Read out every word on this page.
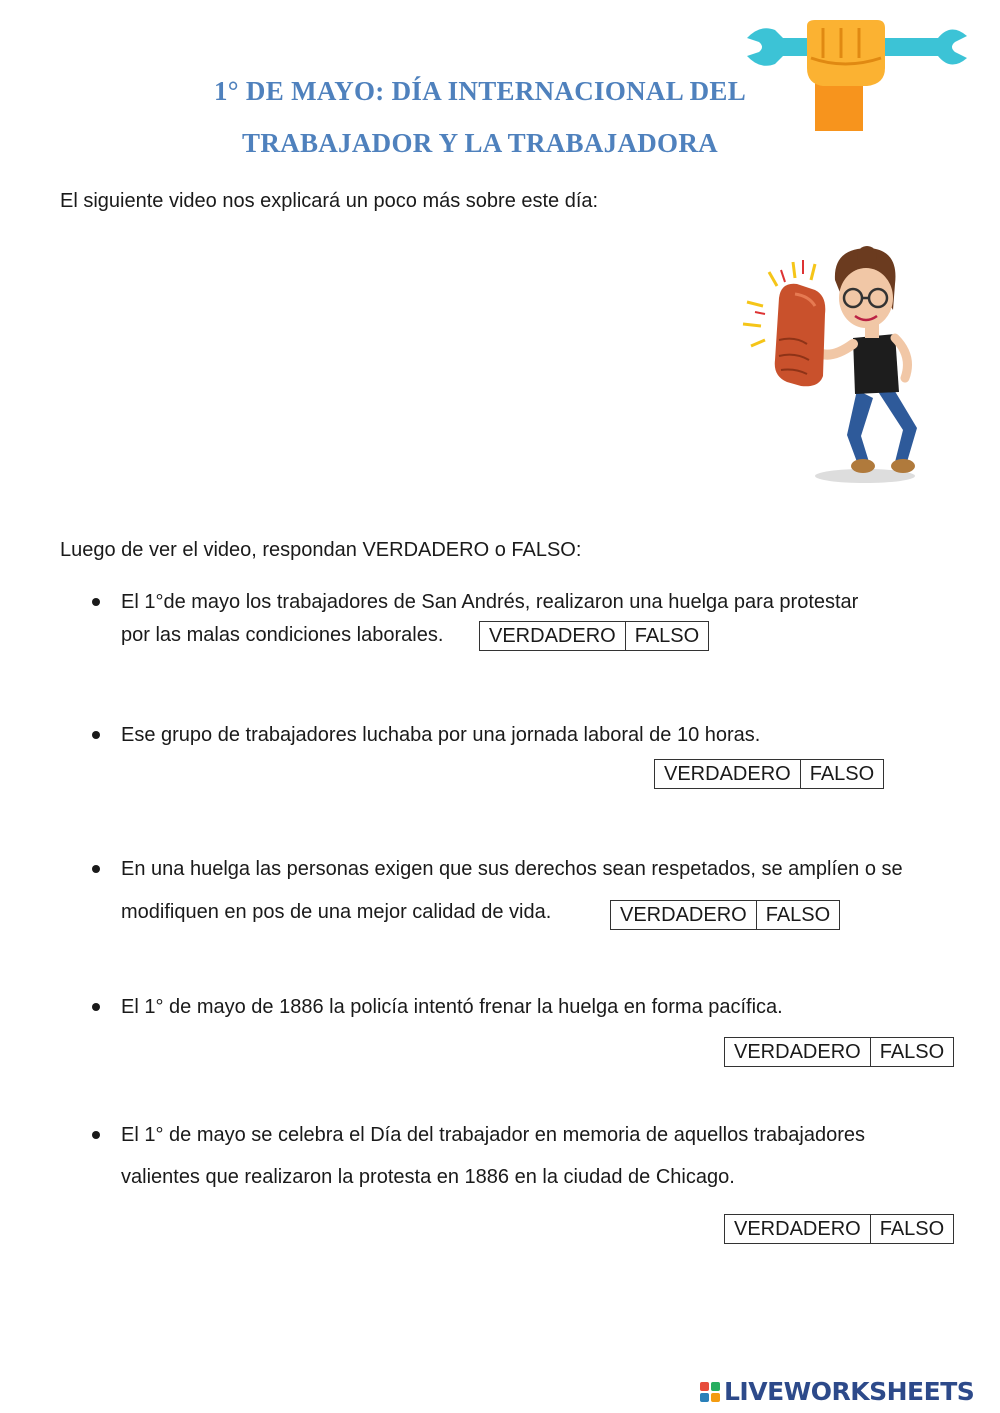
1° DE MAYO: DÍA INTERNACIONAL DEL
TRABAJADOR Y LA TRABAJADORA
El siguiente video nos explicará un poco más sobre este día:
Luego de ver el video, respondan VERDADERO o FALSO:
El 1°de mayo los trabajadores de San Andrés, realizaron una huelga para protestar
por las malas condiciones laborales.	VERDADERO FALSO
Ese grupo de trabajadores luchaba por una jornada laboral de 10 horas.
VERDADERO FALSO
En una huelga las personas exigen que sus derechos sean respetados, se amplíen o se
modifiquen en pos de una mejor calidad de vida.	VERDADERO FALSO
El 1° de mayo de 1886 la policía intentó frenar la huelga en forma pacífica.
VERDADERO FALSO
El 1° de mayo se celebra el Día del trabajador en memoria de aquellos trabajadores
valientes que realizaron la protesta en 1886 en la ciudad de Chicago.
VERDADERO FALSO
LIVEWORKSHEETS
